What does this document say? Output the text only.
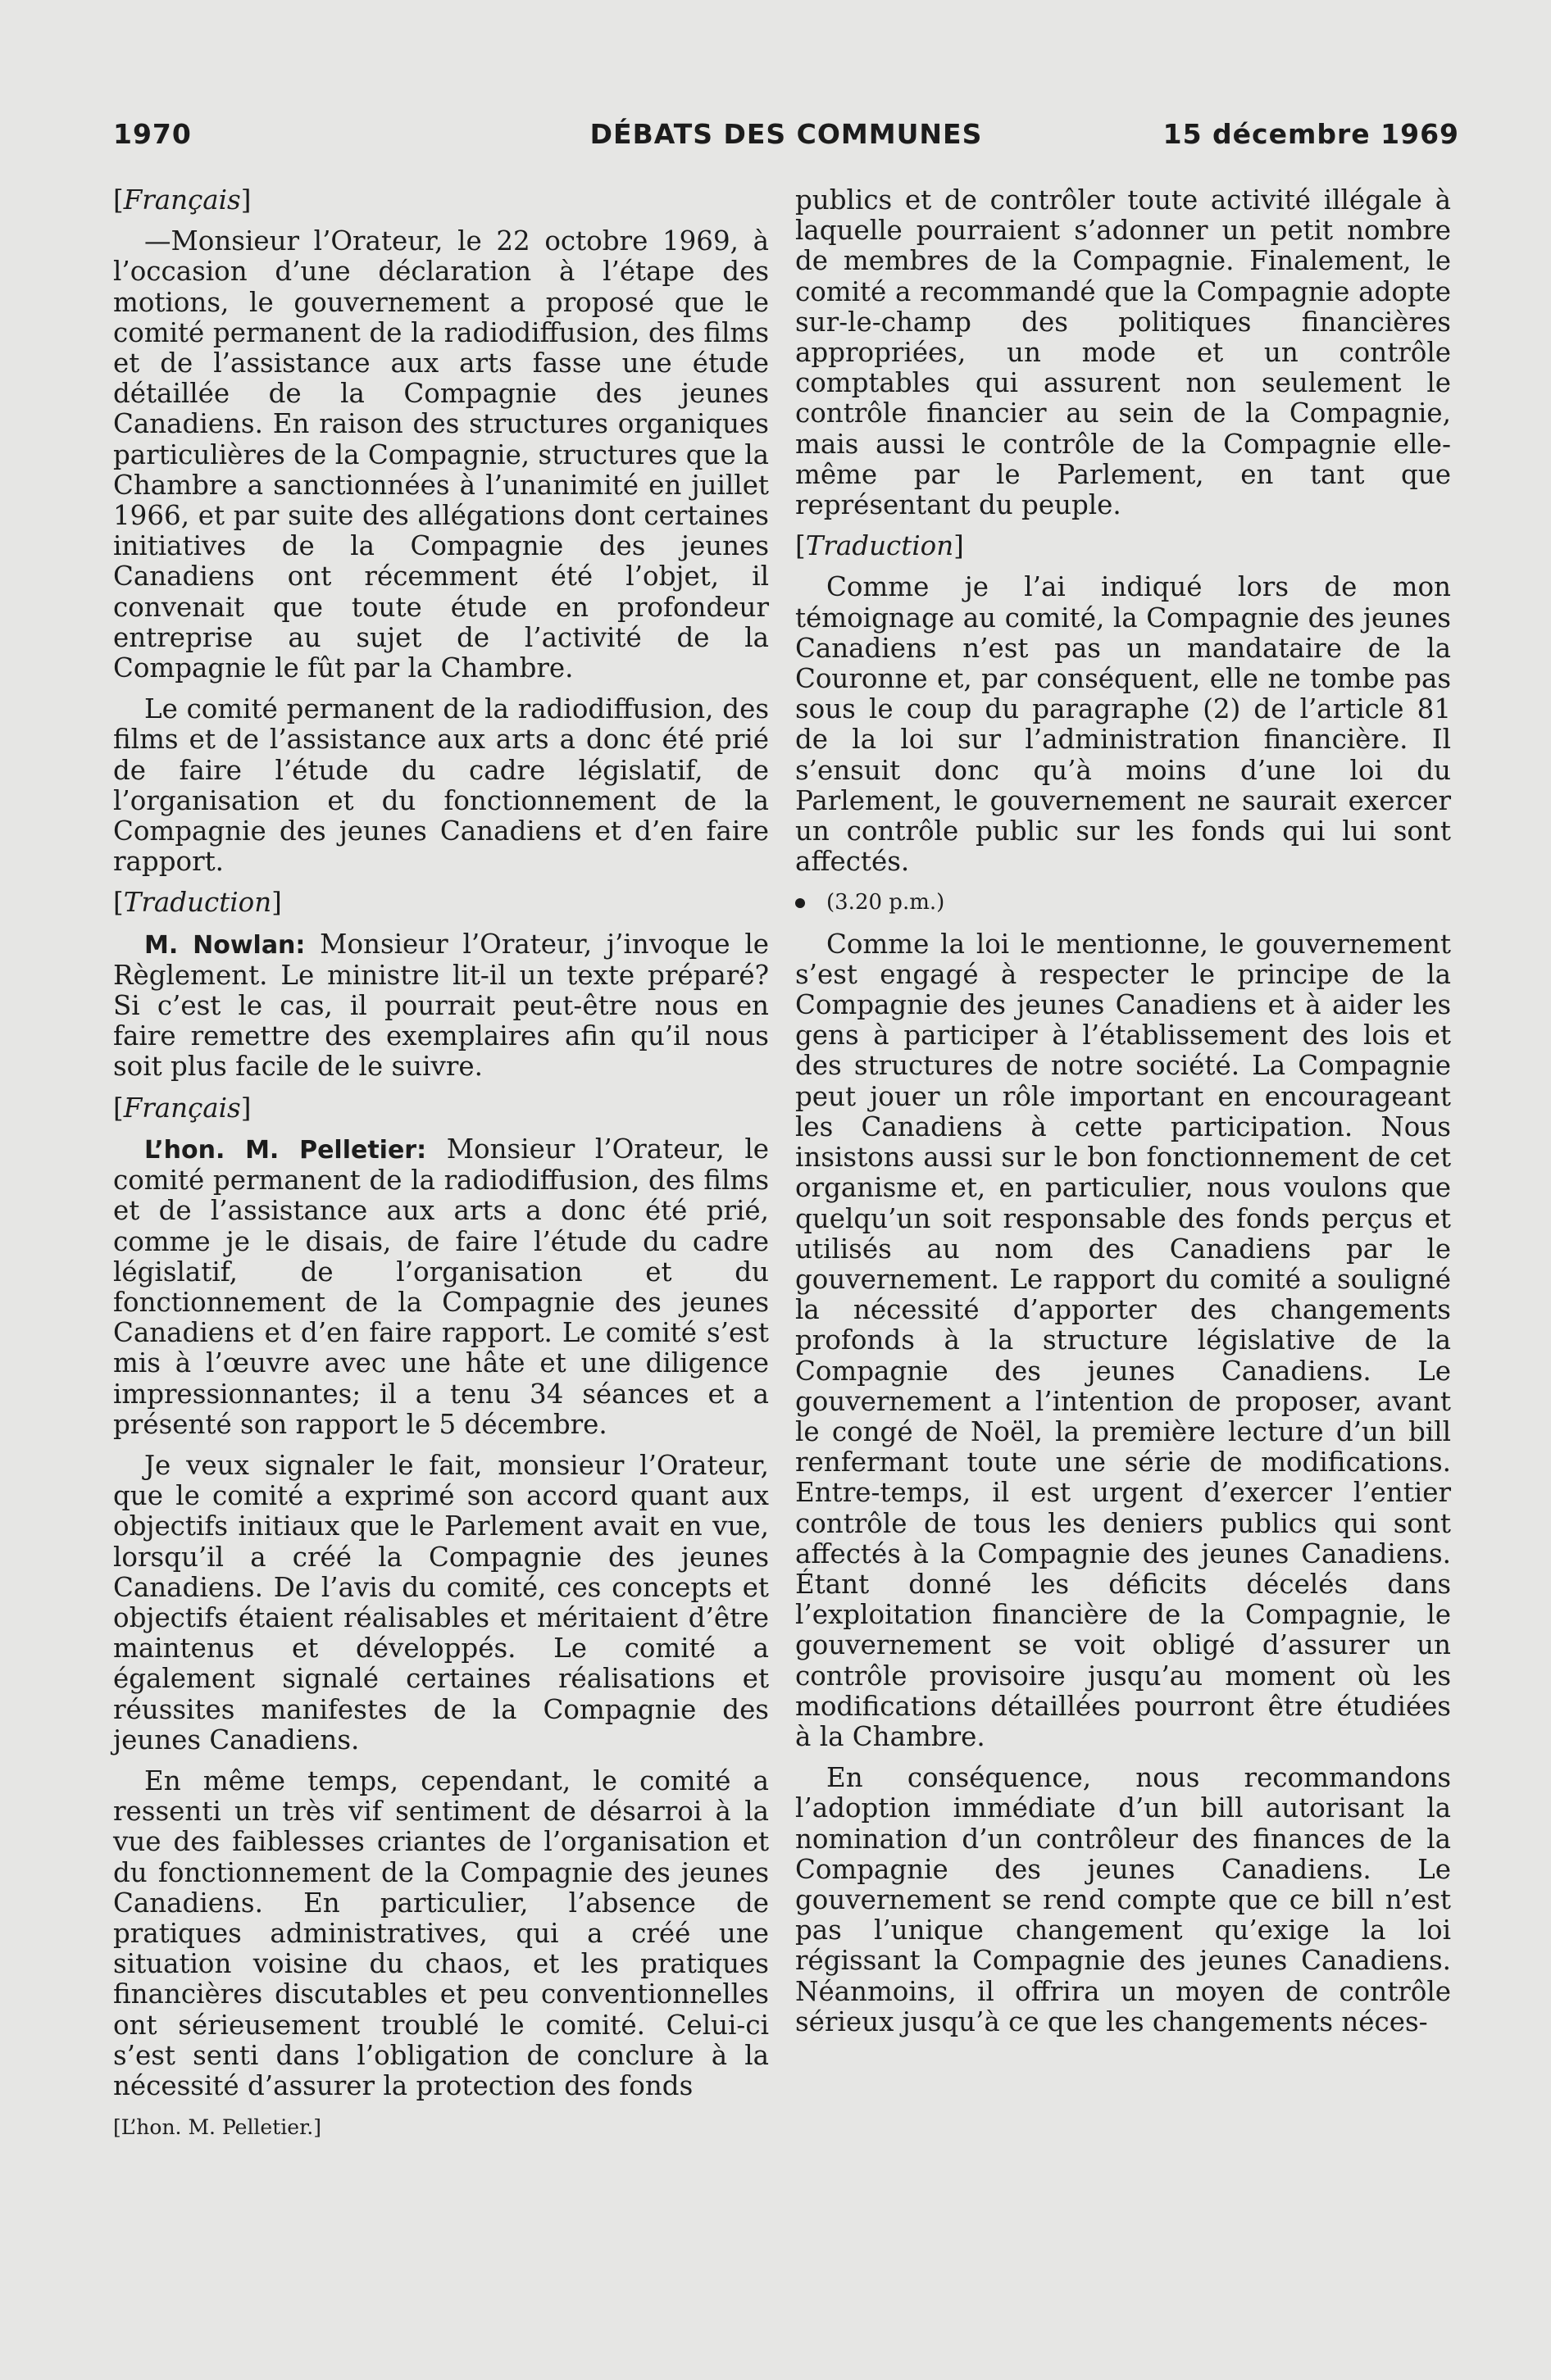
1970	DÉBATS DES COMMUNES	15 décembre 1969

[Français]

—Monsieur l’Orateur, le 22 octobre 1969, à l’occasion d’une déclaration à l’étape des motions, le gouvernement a proposé que le comité permanent de la radiodiffusion, des films et de l’assistance aux arts fasse une étude détaillée de la Compagnie des jeunes Canadiens. En raison des structures organiques particulières de la Compagnie, structures que la Chambre a sanctionnées à l’unanimité en juillet 1966, et par suite des allégations dont certaines initiatives de la Compagnie des jeunes Canadiens ont récemment été l’objet, il convenait que toute étude en profondeur entreprise au sujet de l’activité de la Compagnie le fût par la Chambre.

Le comité permanent de la radiodiffusion, des films et de l’assistance aux arts a donc été prié de faire l’étude du cadre législatif, de l’organisation et du fonctionnement de la Compagnie des jeunes Canadiens et d’en faire rapport.

[Traduction]

M. Nowlan: Monsieur l’Orateur, j’invoque le Règlement. Le ministre lit-il un texte préparé? Si c’est le cas, il pourrait peut-être nous en faire remettre des exemplaires afin qu’il nous soit plus facile de le suivre.

[Français]

L’hon. M. Pelletier: Monsieur l’Orateur, le comité permanent de la radiodiffusion, des films et de l’assistance aux arts a donc été prié, comme je le disais, de faire l’étude du cadre législatif, de l’organisation et du fonctionnement de la Compagnie des jeunes Canadiens et d’en faire rapport. Le comité s’est mis à l’œuvre avec une hâte et une diligence impressionnantes; il a tenu 34 séances et a présenté son rapport le 5 décembre.

Je veux signaler le fait, monsieur l’Orateur, que le comité a exprimé son accord quant aux objectifs initiaux que le Parlement avait en vue, lorsqu’il a créé la Compagnie des jeunes Canadiens. De l’avis du comité, ces concepts et objectifs étaient réalisables et méritaient d’être maintenus et développés. Le comité a également signalé certaines réalisations et réussites manifestes de la Compagnie des jeunes Canadiens.

En même temps, cependant, le comité a ressenti un très vif sentiment de désarroi à la vue des faiblesses criantes de l’organisation et du fonctionnement de la Compagnie des jeunes Canadiens. En particulier, l’absence de pratiques administratives, qui a créé une situation voisine du chaos, et les pratiques financières discutables et peu conventionnelles ont sérieusement troublé le comité. Celui-ci s’est senti dans l’obligation de conclure à la nécessité d’assurer la protection des fonds

[L’hon. M. Pelletier.]

publics et de contrôler toute activité illégale à laquelle pourraient s’adonner un petit nombre de membres de la Compagnie. Finalement, le comité a recommandé que la Compagnie adopte sur-le-champ des politiques financières appropriées, un mode et un contrôle comptables qui assurent non seulement le contrôle financier au sein de la Compagnie, mais aussi le contrôle de la Compagnie elle-même par le Parlement, en tant que représentant du peuple.

[Traduction]

Comme je l’ai indiqué lors de mon témoignage au comité, la Compagnie des jeunes Canadiens n’est pas un mandataire de la Couronne et, par conséquent, elle ne tombe pas sous le coup du paragraphe (2) de l’article 81 de la loi sur l’administration financière. Il s’ensuit donc qu’à moins d’une loi du Parlement, le gouvernement ne saurait exercer un contrôle public sur les fonds qui lui sont affectés.

(3.20 p.m.)

Comme la loi le mentionne, le gouvernement s’est engagé à respecter le principe de la Compagnie des jeunes Canadiens et à aider les gens à participer à l’établissement des lois et des structures de notre société. La Compagnie peut jouer un rôle important en encourageant les Canadiens à cette participation. Nous insistons aussi sur le bon fonctionnement de cet organisme et, en particulier, nous voulons que quelqu’un soit responsable des fonds perçus et utilisés au nom des Canadiens par le gouvernement. Le rapport du comité a souligné la nécessité d’apporter des changements profonds à la structure législative de la Compagnie des jeunes Canadiens. Le gouvernement a l’intention de proposer, avant le congé de Noël, la première lecture d’un bill renfermant toute une série de modifications. Entre-temps, il est urgent d’exercer l’entier contrôle de tous les deniers publics qui sont affectés à la Compagnie des jeunes Canadiens. Étant donné les déficits décelés dans l’exploitation financière de la Compagnie, le gouvernement se voit obligé d’assurer un contrôle provisoire jusqu’au moment où les modifications détaillées pourront être étudiées à la Chambre.

En conséquence, nous recommandons l’adoption immédiate d’un bill autorisant la nomination d’un contrôleur des finances de la Compagnie des jeunes Canadiens. Le gouvernement se rend compte que ce bill n’est pas l’unique changement qu’exige la loi régissant la Compagnie des jeunes Canadiens. Néanmoins, il offrira un moyen de contrôle sérieux jusqu’à ce que les changements néces-
